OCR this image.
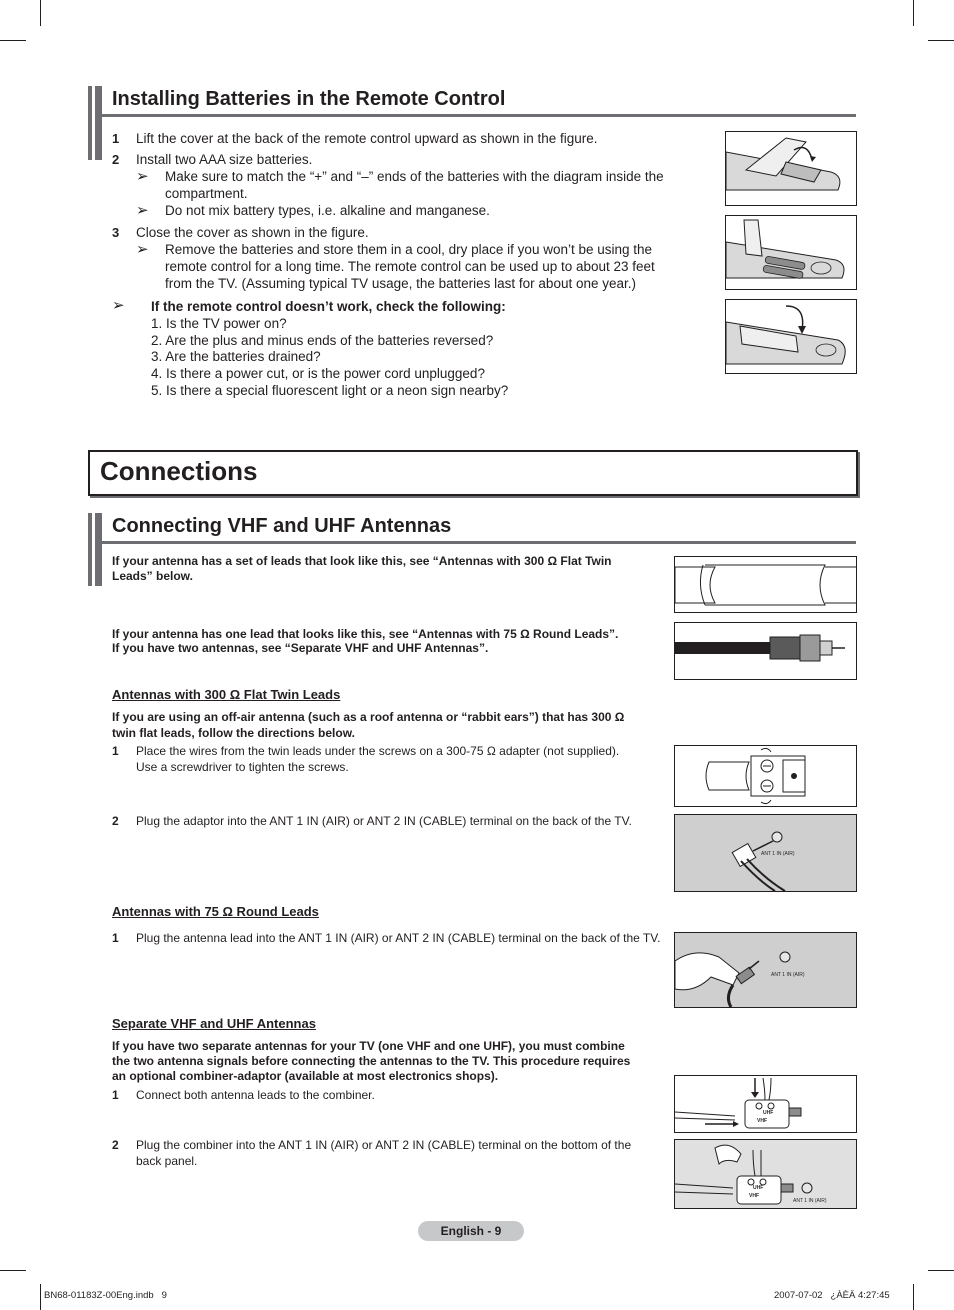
Installing Batteries in the Remote Control
1 Lift the cover at the back of the remote control upward as shown in the figure.
2 Install two AAA size batteries.
➢ Make sure to match the “+” and “–” ends of the batteries with the diagram inside the
compartment.
➢ Do not mix battery types, i.e. alkaline and manganese.
3 Close the cover as shown in the figure.
➢ Remove the batteries and store them in a cool, dry place if you won’t be using the
remote control for a long time. The remote control can be used up to about 23 feet
from the TV. (Assuming typical TV usage, the batteries last for about one year.)
➢ If the remote control doesn’t work, check the following:
1. Is the TV power on?
2. Are the plus and minus ends of the batteries reversed?
3. Are the batteries drained?
4. Is there a power cut, or is the power cord unplugged?
5. Is there a special fluorescent light or a neon sign nearby?
Connections
Connecting VHF and UHF Antennas
If your antenna has a set of leads that look like this, see “Antennas with 300 Ω Flat Twin
Leads” below.
If your antenna has one lead that looks like this, see “Antennas with 75 Ω Round Leads”.
If you have two antennas, see “Separate VHF and UHF Antennas”.
Antennas with 300 Ω Flat Twin Leads
If you are using an off-air antenna (such as a roof antenna or “rabbit ears”) that has 300 Ω
twin flat leads, follow the directions below.
1 Place the wires from the twin leads under the screws on a 300-75 Ω adapter (not supplied).
Use a screwdriver to tighten the screws.
2 Plug the adaptor into the ANT 1 IN (AIR) or ANT 2 IN (CABLE) terminal on the back of the TV.
ANT 1 IN (AIR)
Antennas with 75 Ω Round Leads
1 Plug the antenna lead into the ANT 1 IN (AIR) or ANT 2 IN (CABLE) terminal on the back of the TV.
ANT 1 IN (AIR)
Separate VHF and UHF Antennas
If you have two separate antennas for your TV (one VHF and one UHF), you must combine
the two antenna signals before connecting the antennas to the TV. This procedure requires
an optional combiner-adaptor (available at most electronics shops).
1 Connect both antenna leads to the combiner.
2 Plug the combiner into the ANT 1 IN (AIR) or ANT 2 IN (CABLE) terminal on the bottom of the
back panel.
UHF
VHF
UHF
VHF
ANT 1 IN (AIR)
English - 9
BN68-01183Z-00Eng.indb   9	2007-07-02   ¿ÀÈÄ 4:27:45
